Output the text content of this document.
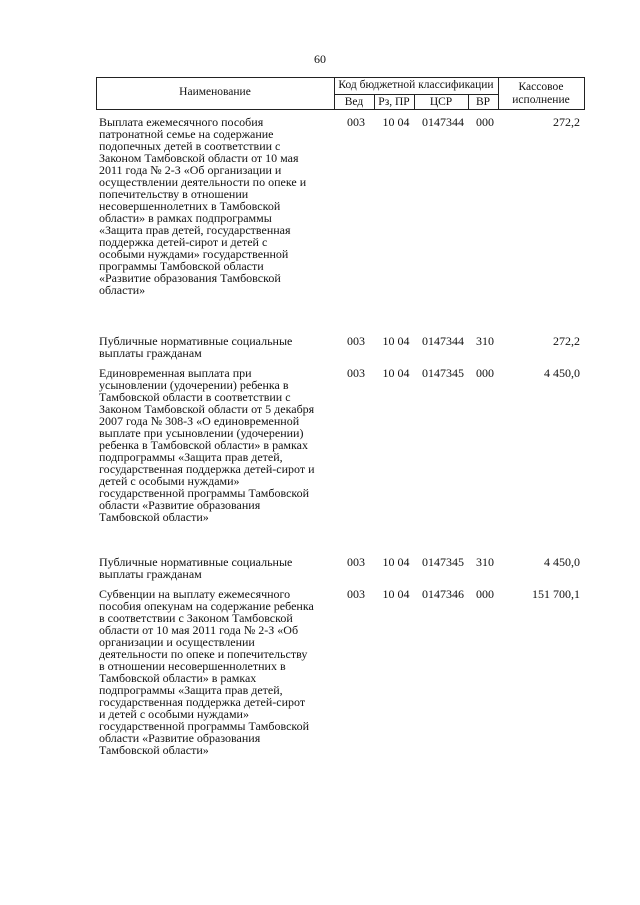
60
Наименование
Код бюджетной классификации
Вед	Рз, ПР	ЦСР	ВР
Кассовое
исполнение
Выплата ежемесячного пособия
патронатной семье на содержание
подопечных детей в соответствии с
Законом Тамбовской области от 10 мая
2011 года № 2-З «Об организации и
осуществлении деятельности по опеке и
попечительству в отношении
несовершеннолетних в Тамбовской
области» в рамках подпрограммы
«Защита прав детей, государственная
поддержка детей-сирот и детей с
особыми нуждами» государственной
программы Тамбовской области
«Развитие образования Тамбовской
области»
003	10 04	0147344	000	272,2
Публичные нормативные социальные
выплаты гражданам
003	10 04	0147344	310	272,2
Единовременная выплата при
усыновлении (удочерении) ребенка в
Тамбовской области в соответствии с
Законом Тамбовской области от 5 декабря
2007 года № 308-З «О единовременной
выплате при усыновлении (удочерении)
ребенка в Тамбовской области» в рамках
подпрограммы «Защита прав детей,
государственная поддержка детей-сирот и
детей с особыми нуждами»
государственной программы Тамбовской
области «Развитие образования
Тамбовской области»
003	10 04	0147345	000	4 450,0
Публичные нормативные социальные
выплаты гражданам
003	10 04	0147345	310	4 450,0
Субвенции на выплату ежемесячного
пособия опекунам на содержание ребенка
в соответствии с Законом Тамбовской
области от 10 мая 2011 года № 2-З «Об
организации и осуществлении
деятельности по опеке и попечительству
в отношении несовершеннолетних в
Тамбовской области» в рамках
подпрограммы «Защита прав детей,
государственная поддержка детей-сирот
и детей с особыми нуждами»
государственной программы Тамбовской
области «Развитие образования
Тамбовской области»
003	10 04	0147346	000	151 700,1
